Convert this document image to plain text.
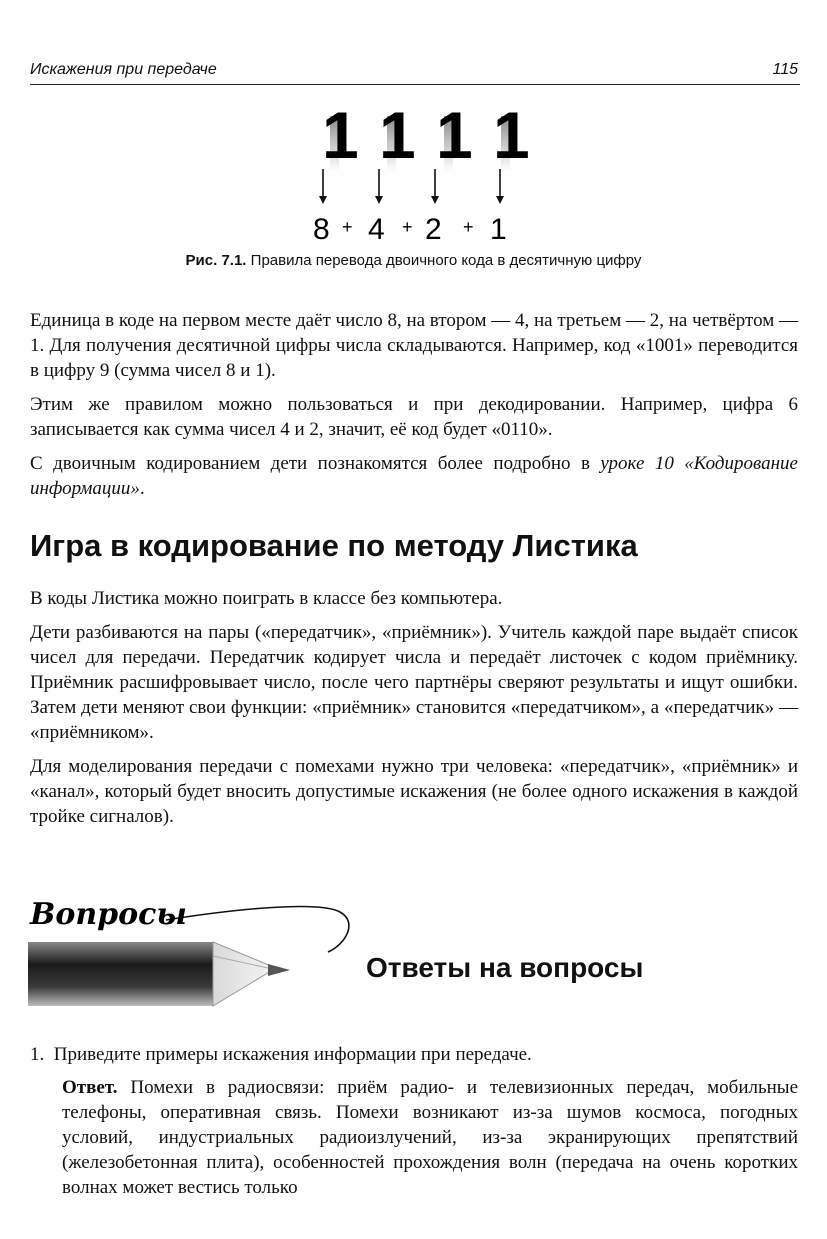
Искажения при передаче	115
1 1 1 1
8 + 4 + 2 + 1
Рис. 7.1. Правила перевода двоичного кода в десятичную цифру

Единица в коде на первом месте даёт число 8, на втором — 4, на третьем — 2, на четвёртом — 1. Для получения десятичной цифры числа складываются. Например, код «1001» переводится в цифру 9 (сумма чисел 8 и 1).

Этим же правилом можно пользоваться и при декодировании. Например, цифра 6 записывается как сумма чисел 4 и 2, значит, её код будет «0110».

С двоичным кодированием дети познакомятся более подробно в уроке 10 «Кодирование информации».

Игра в кодирование по методу Листика

В коды Листика можно поиграть в классе без компьютера.

Дети разбиваются на пары («передатчик», «приёмник»). Учитель каждой паре выдаёт список чисел для передачи. Передатчик кодирует числа и передаёт листочек с кодом приёмнику. Приёмник расшифровывает число, после чего партнёры сверяют результаты и ищут ошибки. Затем дети меняют свои функции: «приёмник» становится «передатчиком», а «передатчик» — «приёмником».

Для моделирования передачи с помехами нужно три человека: «передатчик», «приёмник» и «канал», который будет вносить допустимые искажения (не более одного искажения в каждой тройке сигналов).

Вопросы
Ответы на вопросы

1. Приведите примеры искажения информации при передаче.

Ответ. Помехи в радиосвязи: приём радио- и телевизионных передач, мобильные телефоны, оперативная связь. Помехи возникают из-за шумов космоса, погодных условий, индустриальных радиоизлучений, из-за экранирующих препятствий (железобетонная плита), особенностей прохождения волн (передача на очень коротких волнах может вестись только
